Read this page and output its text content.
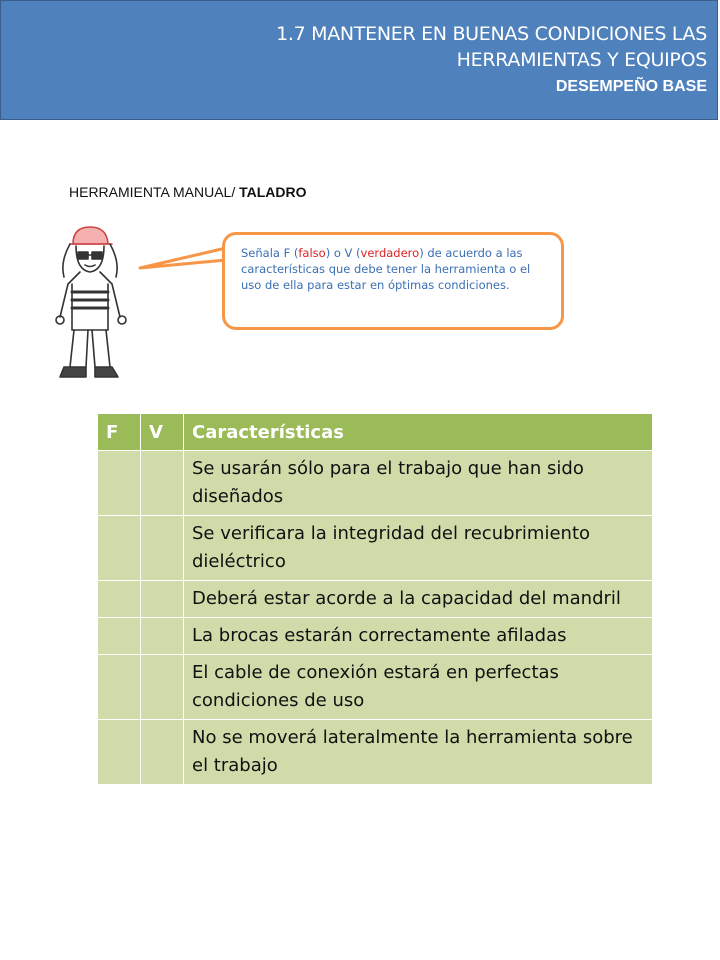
1.7 MANTENER EN BUENAS CONDICIONES LAS
HERRAMIENTAS Y EQUIPOS
DESEMPEÑO BASE
HERRAMIENTA MANUAL/ TALADRO
Señala F (falso) o V (verdadero) de acuerdo a las características que debe tener la herramienta o el uso de ella para estar en óptimas condiciones.
F	V	Características
		Se usarán sólo para el trabajo que han sido diseñados
		Se verificara la integridad del recubrimiento dieléctrico
		Deberá estar acorde a la capacidad del mandril
		La brocas estarán correctamente afiladas
		El cable de conexión estará en perfectas condiciones de uso
		No se moverá lateralmente la herramienta sobre el trabajo
